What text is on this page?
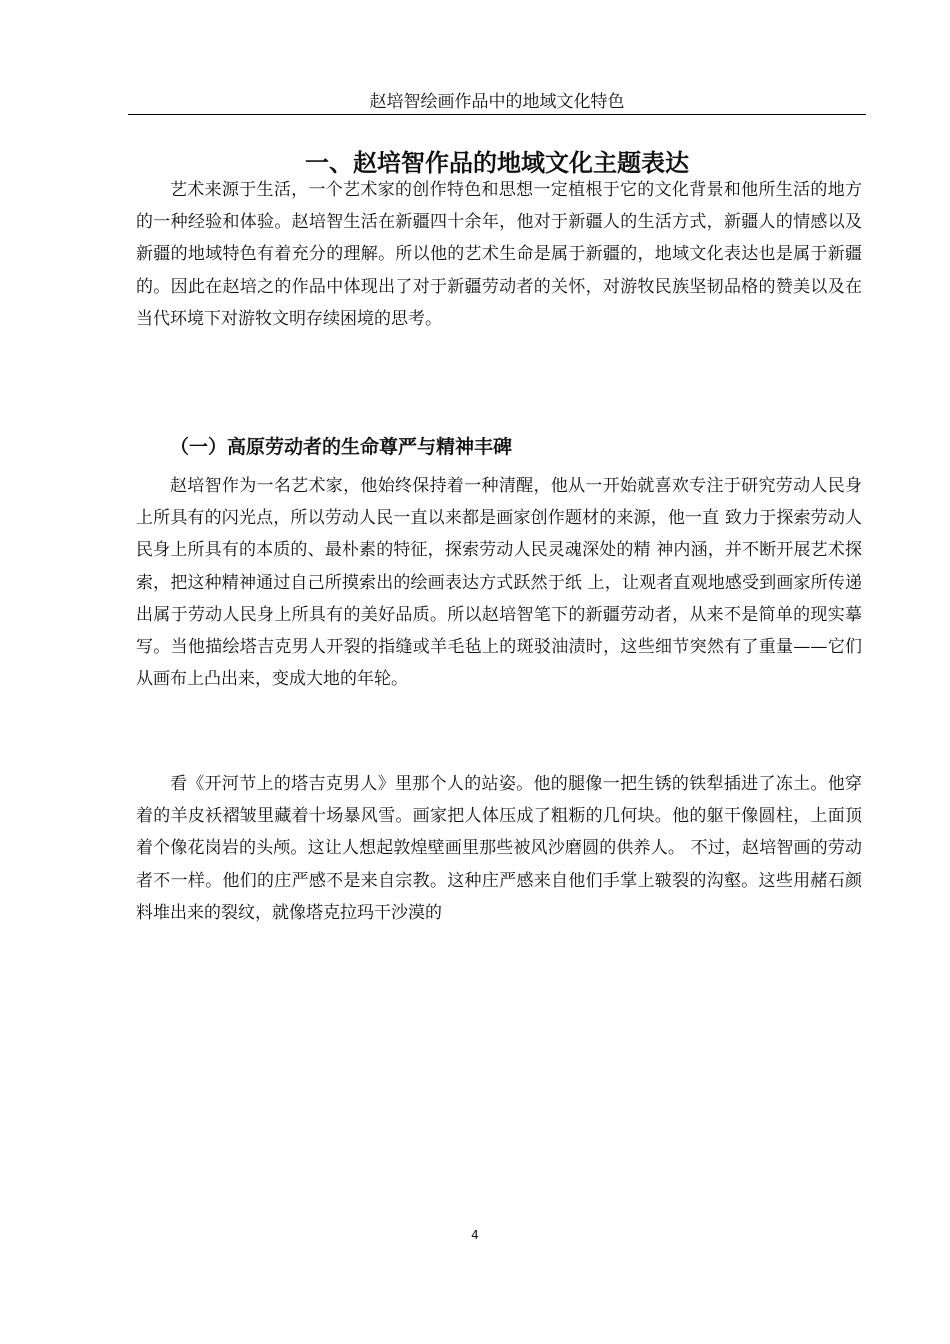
赵培智绘画作品中的地域文化特色
一、赵培智作品的地域文化主题表达

艺术来源于生活，一个艺术家的创作特色和思想一定植根于它的文化背景和他所生活的地方的一种经验和体验。赵培智生活在新疆四十余年，他对于新疆人的生活方式，新疆人的情感以及新疆的地域特色有着充分的理解。所以他的艺术生命是属于新疆的，地域文化表达也是属于新疆的。因此在赵培之的作品中体现出了对于新疆劳动者的关怀，对游牧民族坚韧品格的赞美以及在当代环境下对游牧文明存续困境的思考。

（一）高原劳动者的生命尊严与精神丰碑

赵培智作为一名艺术家，他始终保持着一种清醒，他从一开始就喜欢专注于研究劳动人民身上所具有的闪光点，所以劳动人民一直以来都是画家创作题材的来源，他一直 致力于探索劳动人民身上所具有的本质的、最朴素的特征，探索劳动人民灵魂深处的精 神内涵，并不断开展艺术探索，把这种精神通过自己所摸索出的绘画表达方式跃然于纸 上，让观者直观地感受到画家所传递出属于劳动人民身上所具有的美好品质。所以赵培智笔下的新疆劳动者，从来不是简单的现实摹写。当他描绘塔吉克男人开裂的指缝或羊毛毡上的斑驳油渍时，这些细节突然有了重量——它们从画布上凸出来，变成大地的年轮。

看《开河节上的塔吉克男人》里那个人的站姿。他的腿像一把生锈的铁犁插进了冻土。他穿着的羊皮袄褶皱里藏着十场暴风雪。画家把人体压成了粗粝的几何块。他的躯干像圆柱，上面顶着个像花岗岩的头颅。这让人想起敦煌壁画里那些被风沙磨圆的供养人。 不过，赵培智画的劳动者不一样。他们的庄严感不是来自宗教。这种庄严感来自他们手掌上皲裂的沟壑。这些用赭石颜料堆出来的裂纹，就像塔克拉玛干沙漠的

4
